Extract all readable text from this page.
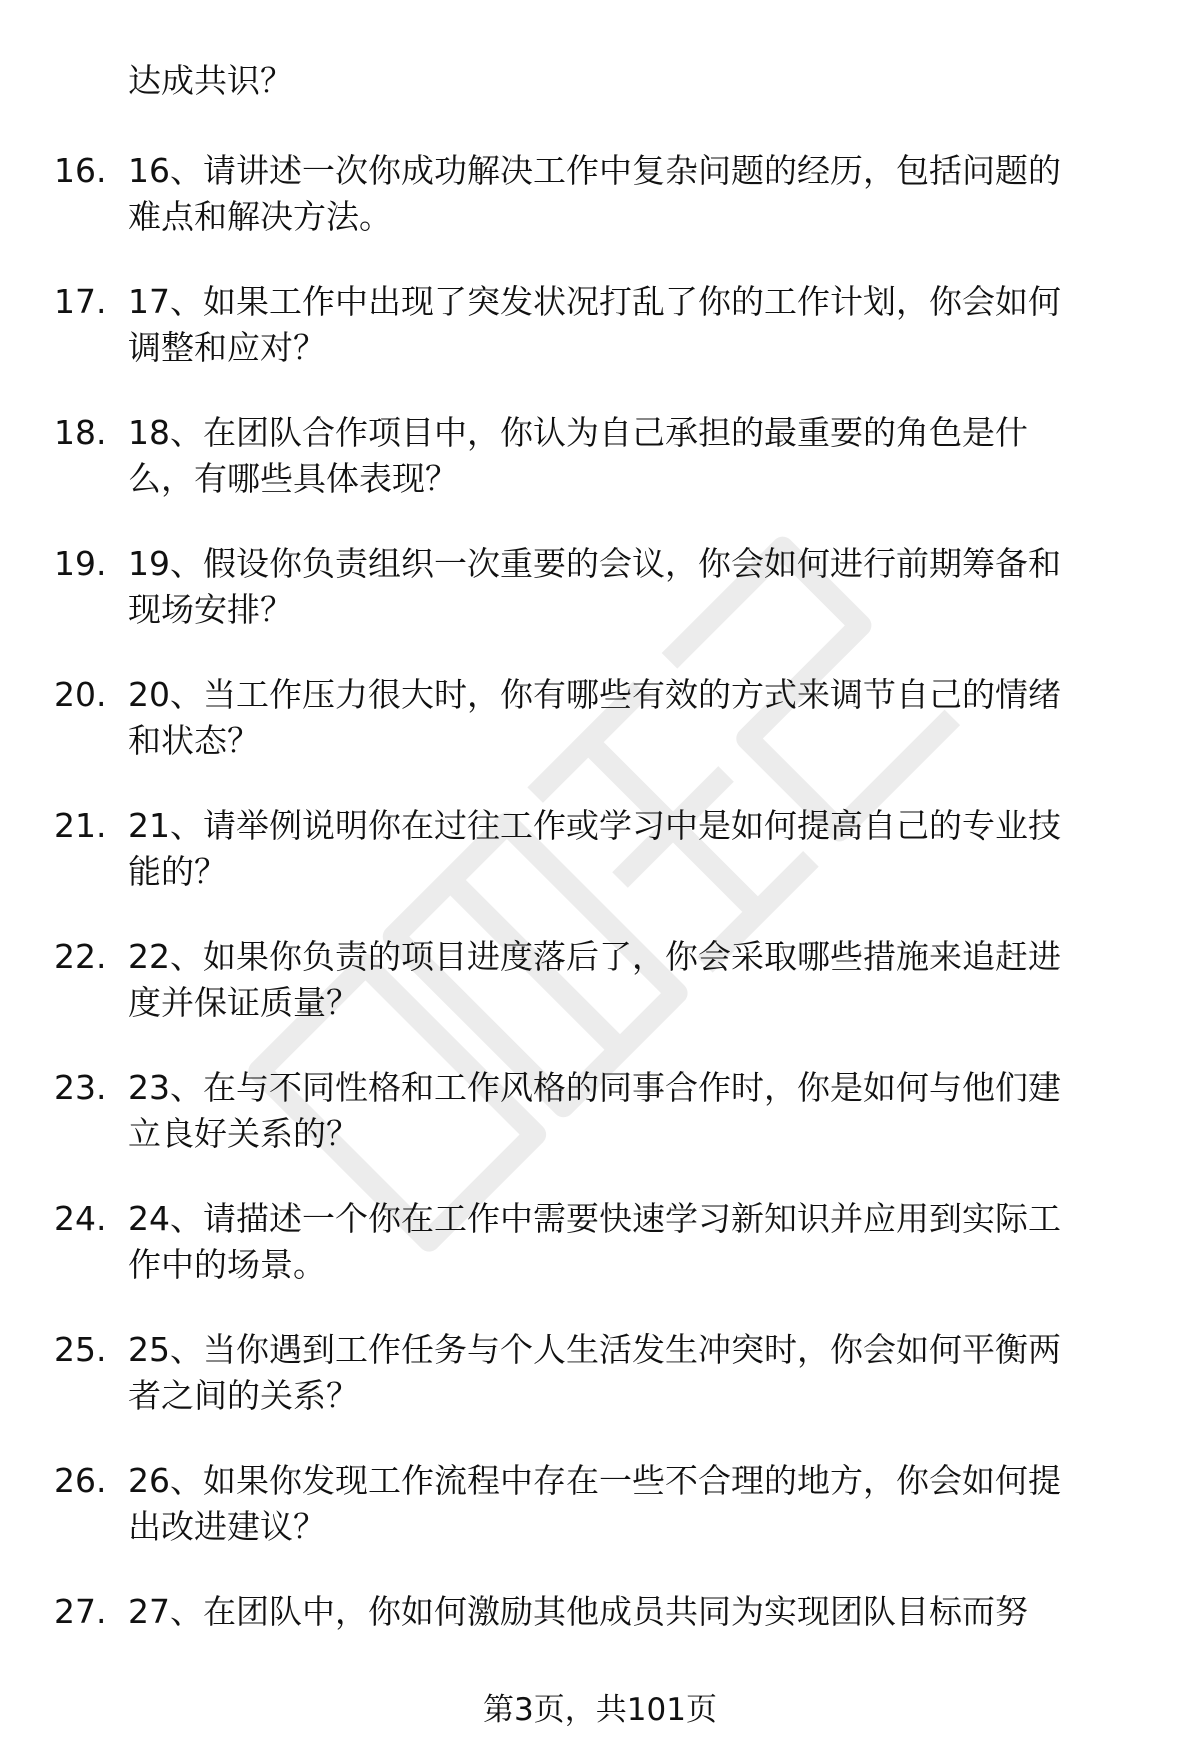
达成共识？

16. 16、请讲述一次你成功解决工作中复杂问题的经历，包括问题的
难点和解决方法。

17. 17、如果工作中出现了突发状况打乱了你的工作计划，你会如何
调整和应对？

18. 18、在团队合作项目中，你认为自己承担的最重要的角色是什
么，有哪些具体表现？

19. 19、假设你负责组织一次重要的会议，你会如何进行前期筹备和
现场安排？

20. 20、当工作压力很大时，你有哪些有效的方式来调节自己的情绪
和状态？

21. 21、请举例说明你在过往工作或学习中是如何提高自己的专业技
能的？

22. 22、如果你负责的项目进度落后了，你会采取哪些措施来追赶进
度并保证质量？

23. 23、在与不同性格和工作风格的同事合作时，你是如何与他们建
立良好关系的？

24. 24、请描述一个你在工作中需要快速学习新知识并应用到实际工
作中的场景。

25. 25、当你遇到工作任务与个人生活发生冲突时，你会如何平衡两
者之间的关系？

26. 26、如果你发现工作流程中存在一些不合理的地方，你会如何提
出改进建议？

27. 27、在团队中，你如何激励其他成员共同为实现团队目标而努

第3页，共101页
